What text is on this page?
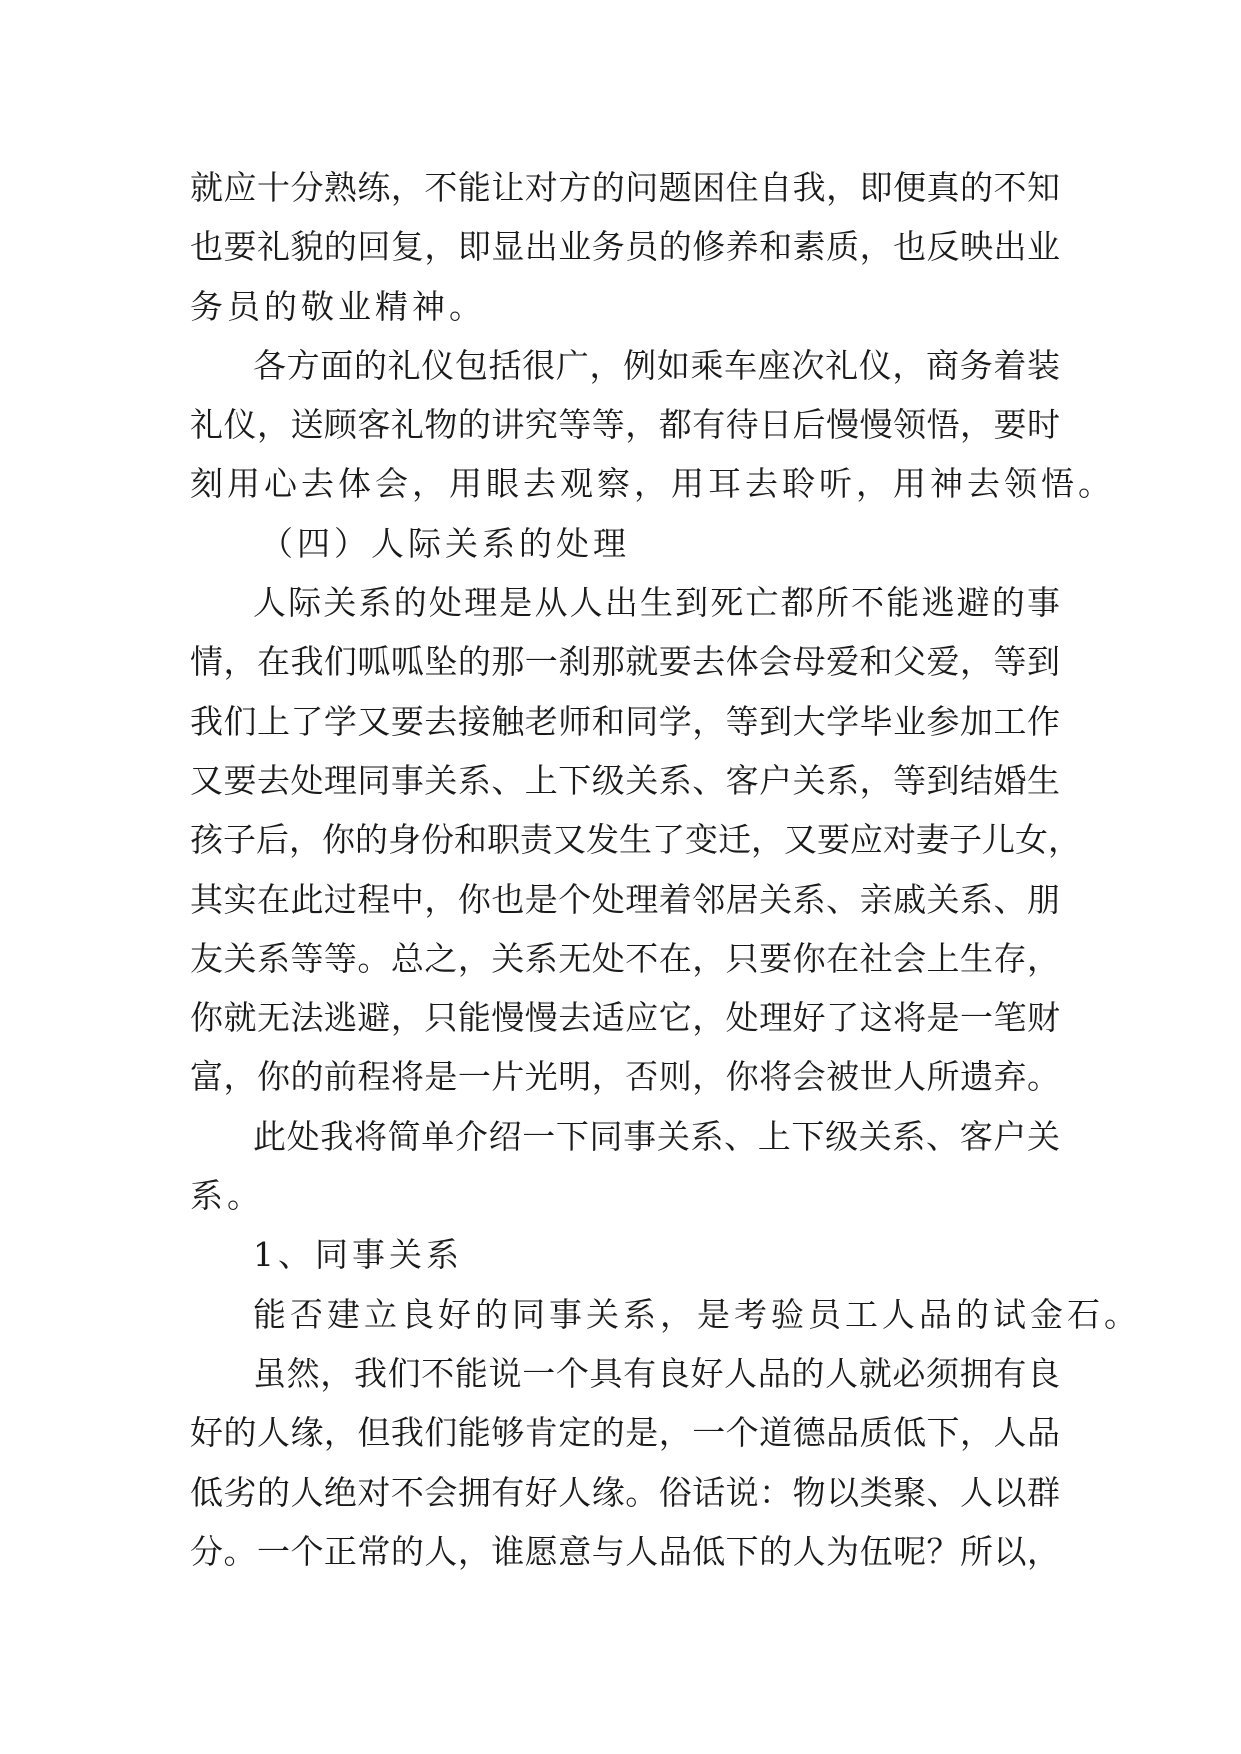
就应十分熟练，不能让对方的问题困住自我，即便真的不知
也要礼貌的回复，即显出业务员的修养和素质，也反映出业
务员的敬业精神。
各方面的礼仪包括很广，例如乘车座次礼仪，商务着装
礼仪，送顾客礼物的讲究等等，都有待日后慢慢领悟，要时
刻用心去体会，用眼去观察，用耳去聆听，用神去领悟。
（四）人际关系的处理
人际关系的处理是从人出生到死亡都所不能逃避的事
情，在我们呱呱坠的那一刹那就要去体会母爱和父爱，等到
我们上了学又要去接触老师和同学，等到大学毕业参加工作
又要去处理同事关系、上下级关系、客户关系，等到结婚生
孩子后，你的身份和职责又发生了变迁，又要应对妻子儿女，
其实在此过程中，你也是个处理着邻居关系、亲戚关系、朋
友关系等等。总之，关系无处不在，只要你在社会上生存，
你就无法逃避，只能慢慢去适应它，处理好了这将是一笔财
富，你的前程将是一片光明，否则，你将会被世人所遗弃。
此处我将简单介绍一下同事关系、上下级关系、客户关
系。
1、同事关系
能否建立良好的同事关系，是考验员工人品的试金石。
虽然，我们不能说一个具有良好人品的人就必须拥有良
好的人缘，但我们能够肯定的是，一个道德品质低下，人品
低劣的人绝对不会拥有好人缘。俗话说：物以类聚、人以群
分。一个正常的人，谁愿意与人品低下的人为伍呢？所以，
